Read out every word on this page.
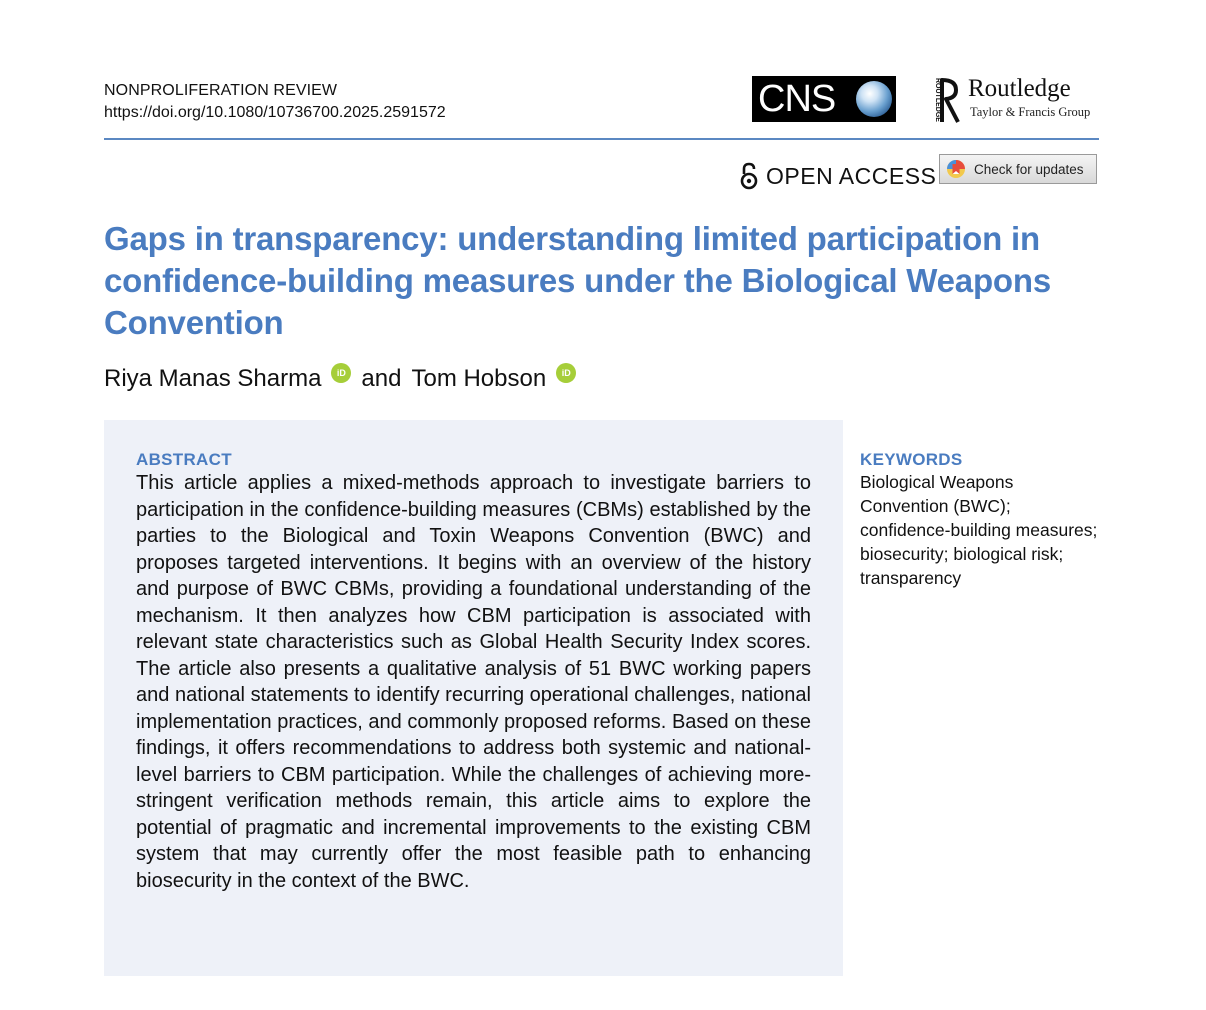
NONPROLIFERATION REVIEW
https://doi.org/10.1080/10736700.2025.2591572	CNS	ROUTLEDGE Routledge
Taylor & Francis Group
OPEN ACCESS	Check for updates
Gaps in transparency: understanding limited participation in confidence-building measures under the Biological Weapons Convention
Riya Manas Sharma	iD and Tom Hobson	iD
ABSTRACT

This article applies a mixed-methods approach to investigate barriers to participation in the confidence-building measures (CBMs) established by the parties to the Biological and Toxin Weapons Convention (BWC) and proposes targeted interventions. It begins with an overview of the history and purpose of BWC CBMs, providing a foundational understanding of the mechanism. It then analyzes how CBM participation is associated with relevant state characteristics such as Global Health Security Index scores. The article also presents a qualitative analysis of 51 BWC working papers and national statements to identify recurring operational challenges, national implementation practices, and commonly proposed reforms. Based on these findings, it offers recommendations to address both systemic and national-level barriers to CBM participation. While the challenges of achieving more-stringent verification methods remain, this article aims to explore the potential of pragmatic and incremental improvements to the existing CBM system that may currently offer the most feasible path to enhancing biosecurity in the context of the BWC.

KEYWORDS
Biological Weapons Convention (BWC); confidence-building measures; biosecurity; biological risk; transparency
